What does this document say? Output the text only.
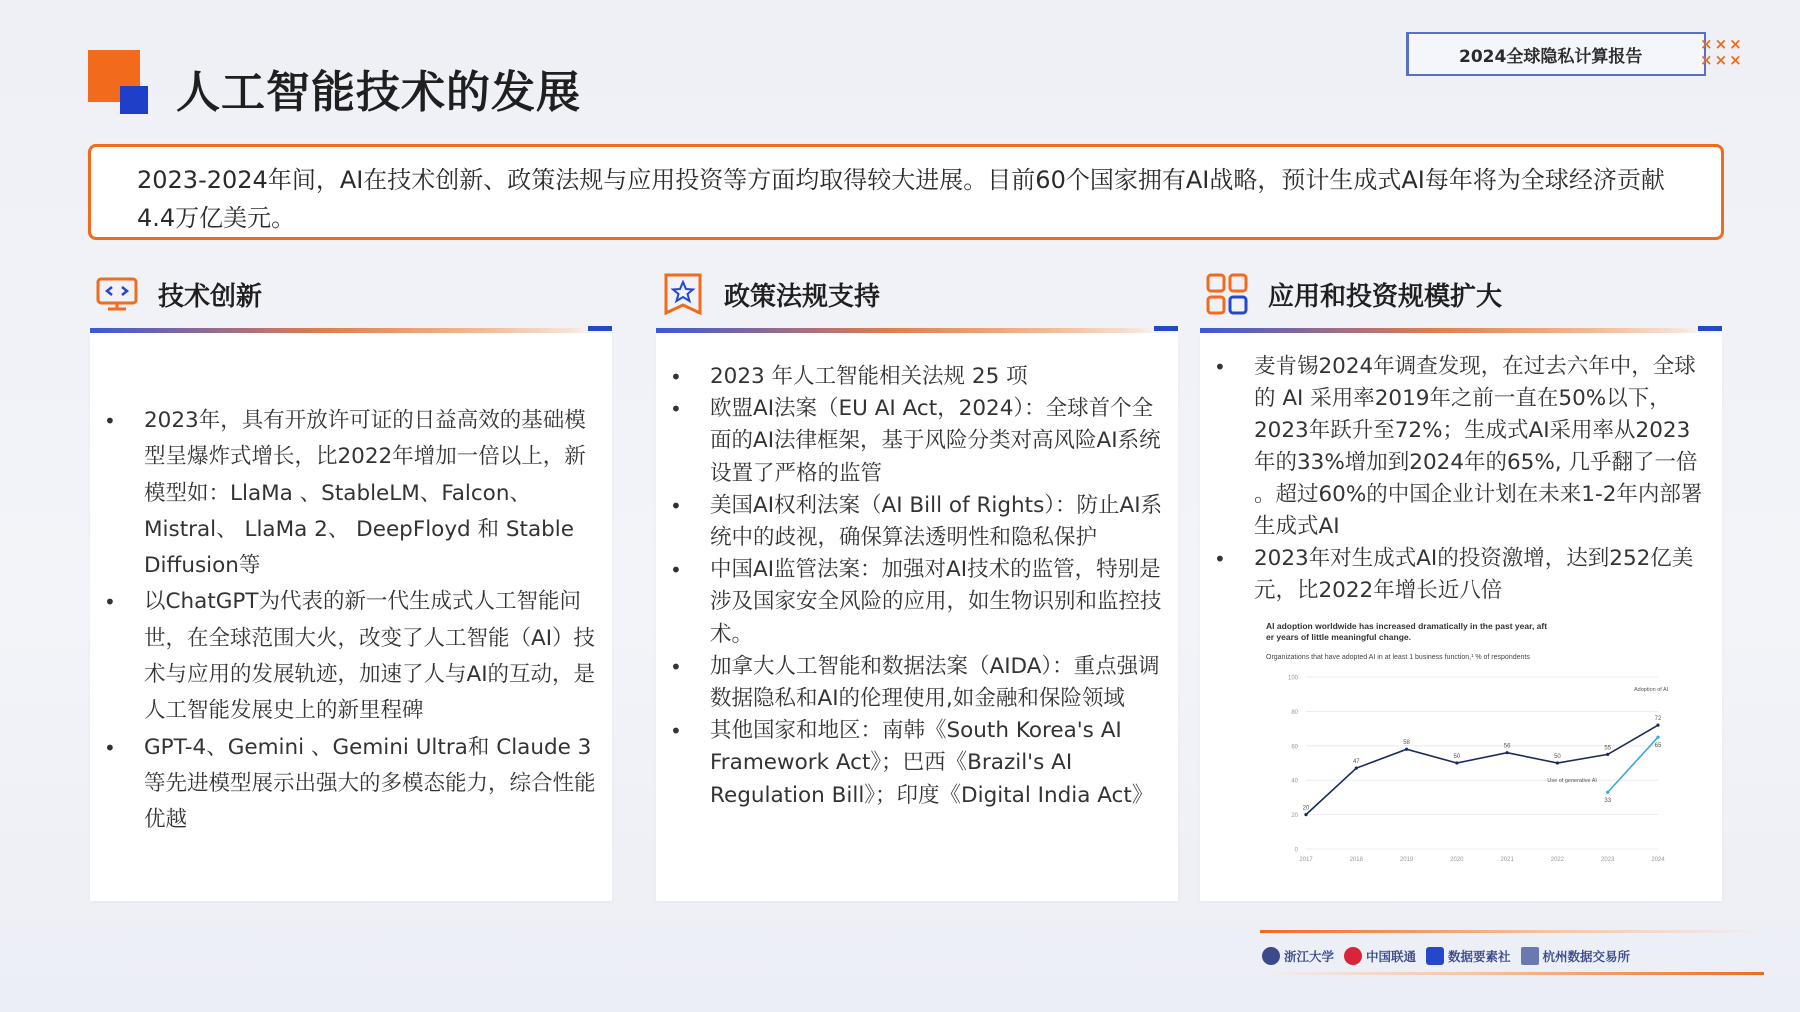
人工智能技术的发展
2024全球隐私计算报告
×××
×××
2023-2024年间，AI在技术创新、政策法规与应用投资等方面均取得较大进展。目前60个国家拥有AI战略，预计生成式AI每年将为全球经济贡献4.4万亿美元。
技术创新
• 2023年，具有开放许可证的日益高效的基础模型呈爆炸式增长，比2022年增加一倍以上，新模型如：LlaMa 、StableLM、Falcon、Mistral、 LlaMa 2、 DeepFloyd 和 Stable Diffusion等
• 以ChatGPT为代表的新一代生成式人工智能问世，在全球范围大火，改变了人工智能（AI）技术与应用的发展轨迹，加速了人与AI的互动，是人工智能发展史上的新里程碑
• GPT-4、Gemini 、Gemini Ultra和 Claude 3等先进模型展示出强大的多模态能力，综合性能优越
政策法规支持
• 2023 年人工智能相关法规 25 项
• 欧盟AI法案（EU AI Act，2024）：全球首个全面的AI法律框架，基于风险分类对高风险AI系统设置了严格的监管
• 美国AI权利法案（AI Bill of Rights）：防止AI系统中的歧视，确保算法透明性和隐私保护
• 中国AI监管法案：加强对AI技术的监管，特别是涉及国家安全风险的应用，如生物识别和监控技术。
• 加拿大人工智能和数据法案（AIDA）：重点强调数据隐私和AI的伦理使用,如金融和保险领域
• 其他国家和地区：南韩《South Korea's AI Framework Act》；巴西《Brazil's AI Regulation Bill》；印度《Digital India Act》
应用和投资规模扩大
• 麦肯锡2024年调查发现，在过去六年中，全球的 AI 采用率2019年之前一直在50%以下，2023年跃升至72%；生成式AI采用率从2023年的33%增加到2024年的65%, 几乎翻了一倍 。超过60%的中国企业计划在未来1-2年内部署生成式AI
• 2023年对生成式AI的投资激增，达到252亿美元，比2022年增长近八倍
AI adoption worldwide has increased dramatically in the past year, aft
er years of little meaningful change.
Organizations that have adopted AI in at least 1 business function,¹ % of respondents
0
20
40
60
80
100
2017	2018	2019	2020	2021	2022	2023	2024
20
47
58
50
56
50
55
72
33
65
Adoption of AI
Use of generative AI
浙江大学	中国联通	数据要素社	杭州数据交易所
